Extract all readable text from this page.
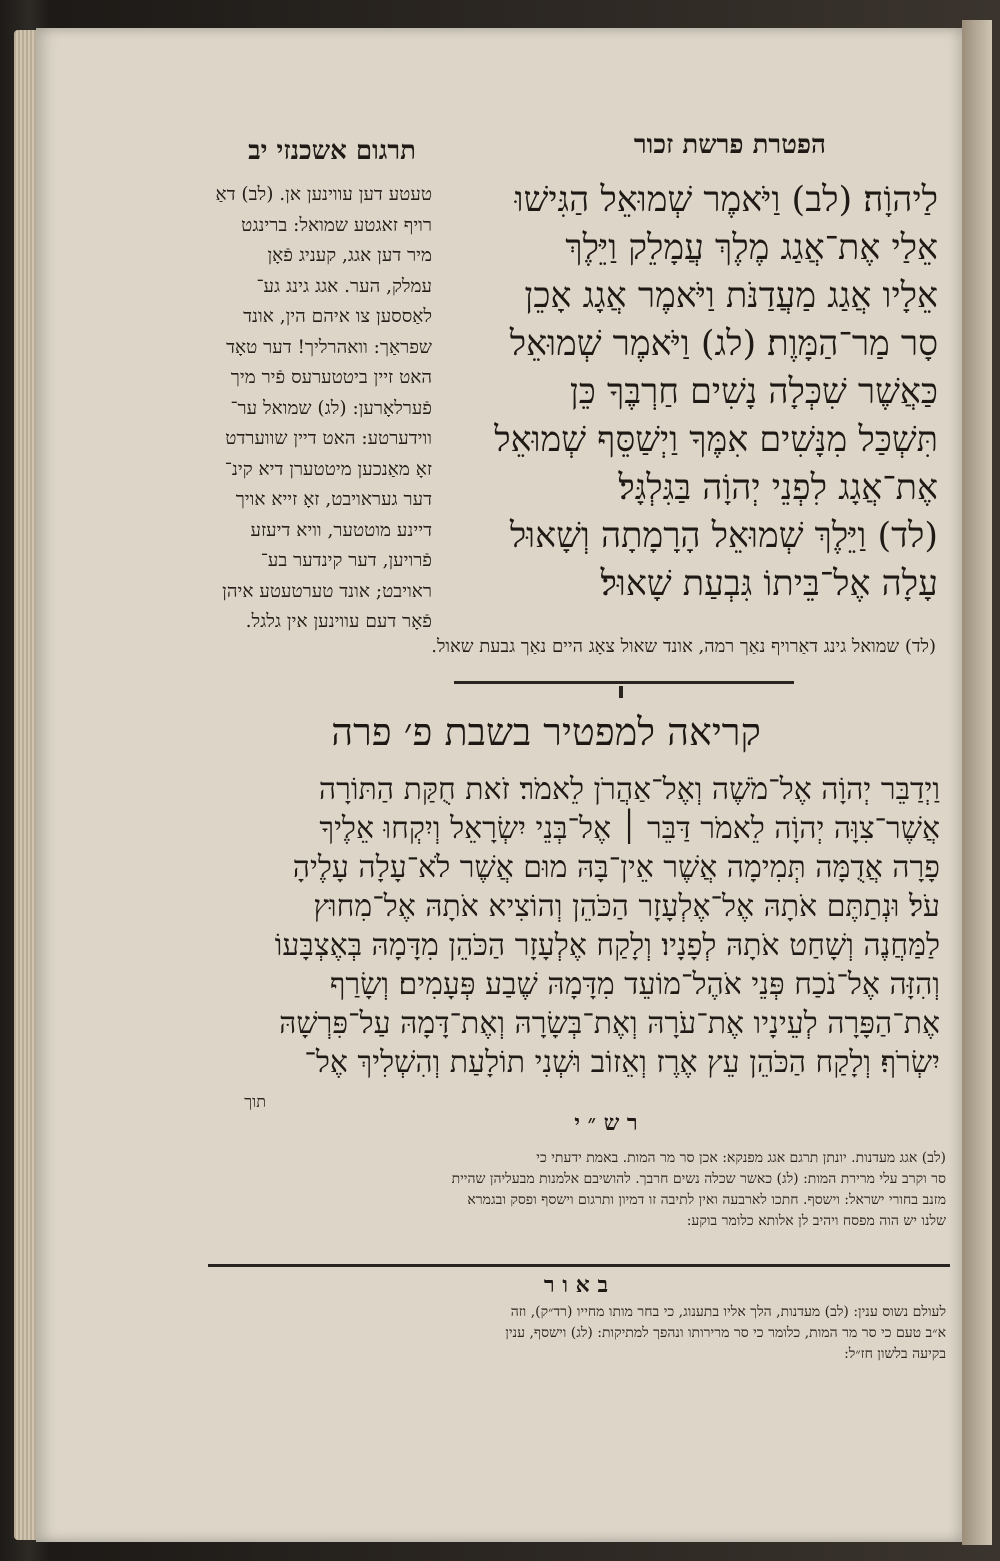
תרגום אשכנזי יב	הפטרת פרשת זכור
לַיהוָֹה׃ (לב) וַיֹּאמֶר שְׁמוּאֵל הַגִּישׁוּ
אֵלַי אֶת־אֲגַג מֶלֶךְ עֲמָלֵק וַיֵּלֶךְ
אֵלָיו אֲגַג מַעֲדַנֹּת וַיֹּאמֶר אֲגָג אָכֵן
סָר מַר־הַמָּוֶת׃ (לג) וַיֹּאמֶר שְׁמוּאֵל
כַּאֲשֶׁר שִׁכְּלָה נָשִׁים חַרְבֶּךָ כֵּן
תִּשְׁכַּל מִנָּשִׁים אִמֶּךָ וַיְשַׁסֵּף שְׁמוּאֵל
אֶת־אֲגָג לִפְנֵי יְהוָֹה בַּגִּלְגָּל׃
(לד) וַיֵּלֶךְ שְׁמוּאֵל הָרָמָתָה וְשָׁאוּל
עָלָה אֶל־בֵּיתוֹ גִּבְעַת שָׁאוּל׃
טעטע דען עווינען אן. (לב) דאַ
רויף זאגטע שמואל: ברינגט
מיר דען אגג, קעניג פֿאָן
עמלק, הער. אגג גינג גע־
לאַססען צו איהם הין, אונד
שפראַך: וואהרליך! דער טאָד
האט זיין ביטטערעס פֿיר מיך
פֿערלאָרען: (לג) שמואל ער־
ווידערטע: האט דיין שווערדט
זאָ מאַנכען מיטטערן דיא קינ־
דער געראויבט, זאָ זייא אויך
דיינע מוטטער, וויא דיעזע
פֿרויען, דער קינדער בע־
ראויבט; אונד טערטעטע איהן
פֿאָר דעם עווינען אין גלגל.
(לד) שמואל גינג דאַרויף נאַך רמה, אונד שאול צאָג היים נאַך גבעת שאול.
קריאה למפטיר בשבת פ׳ פרה
וַיְדַבֵּר יְהוָֹה אֶל־מֹשֶׁה וְאֶל־אַהֲרֹן לֵאמֹר׃ זֹאת חֻקַּת הַתּוֹרָה
אֲשֶׁר־צִוָּה יְהוָֹה לֵאמֹר דַּבֵּר ׀ אֶל־בְּנֵי יִשְׂרָאֵל וְיִקְחוּ אֵלֶיךָ
פָרָה אֲדֻמָּה תְּמִימָה אֲשֶׁר אֵין־בָּהּ מוּם אֲשֶׁר לֹא־עָלָה עָלֶיהָ
עֹל׃ וּנְתַתֶּם אֹתָהּ אֶל־אֶלְעָזָר הַכֹּהֵן וְהוֹצִיא אֹתָהּ אֶל־מִחוּץ
לַמַּחֲנֶה וְשָׁחַט אֹתָהּ לְפָנָיו׃ וְלָקַח אֶלְעָזָר הַכֹּהֵן מִדָּמָהּ בְּאֶצְבָּעוֹ
וְהִזָּה אֶל־נֹכַח פְּנֵי אֹהֶל־מוֹעֵד מִדָּמָהּ שֶׁבַע פְּעָמִים׃ וְשָׂרַף
אֶת־הַפָּרָה לְעֵינָיו אֶת־עֹרָהּ וְאֶת־בְּשָׂרָהּ וְאֶת־דָּמָהּ עַל־פִּרְשָׁהּ
יִשְׂרֹף׃ וְלָקַח הַכֹּהֵן עֵץ אֶרֶז וְאֵזוֹב וּשְׁנִי תוֹלָעַת וְהִשְׁלִיךְ אֶל־
תוך
ר ש ״ י
(לב) אגג מעדנות. יונתן תרגם אגג מפנקא: אכן סר מר המות. באמת ידעתי כי
סר וקרב עלי מרירת המות: (לג) כאשר שכלה נשים חרבך. להושיבם אלמנות מבעליהן שהיית
מזנב בחורי ישראל: וישסף. חתכו לארבעה ואין לתיבה זו דמיון ותרגום וישסף ופסק ובגמרא
שלנו יש הוה מפסח ויהיב לן אלותא כלומר בוקע:
ב א ו ר
לעולם נשוס ענין: (לב) מעדנות, הלך אליו בתענוג, כי בחר מותו מחייו (רד״ק), וזה
א״ב טעם כי סר מר המות, כלומר כי סר מרירותו ונהפך למתיקות: (לג) וישסף, ענין
בקיעה בלשון חז״ל:
